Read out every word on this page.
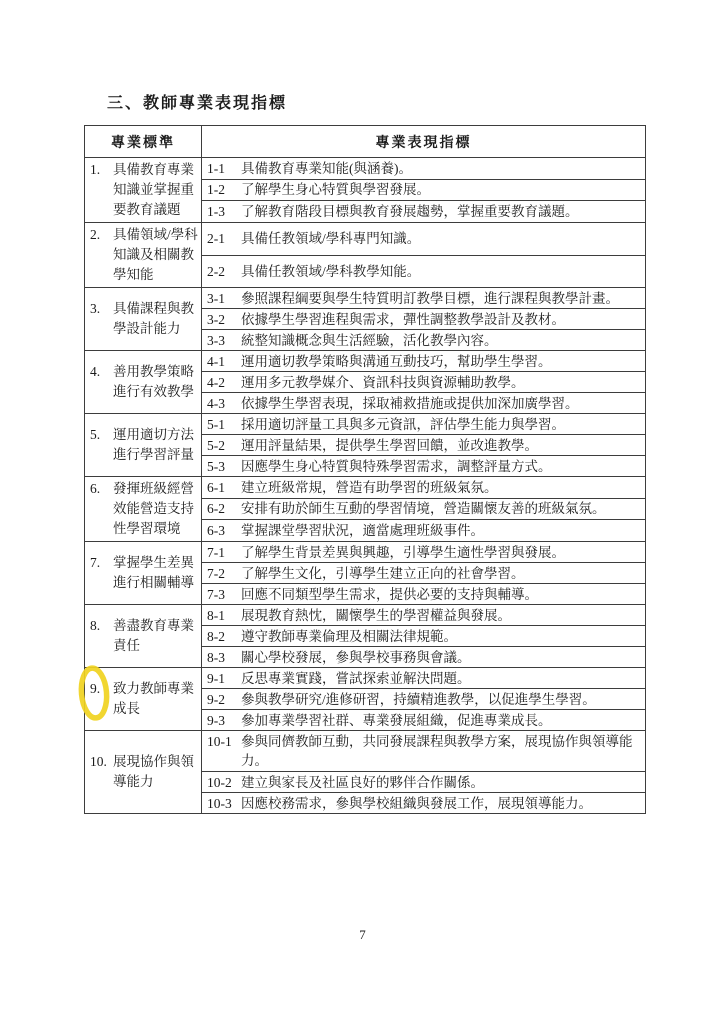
三、教師專業表現指標
專業標準	專業表現指標

1. 具備教育專業知識並掌握重要教育議題	1-1 具備教育專業知能(與涵養)。

	1-2 了解學生身心特質與學習發展。

	1-3 了解教育階段目標與教育發展趨勢，掌握重要教育議題。

2. 具備領域/學科知識及相關教學知能	2-1 具備任教領域/學科專門知識。

	2-2 具備任教領域/學科教學知能。

3. 具備課程與教學設計能力	3-1 參照課程綱要與學生特質明訂教學目標，進行課程與教學計畫。

	3-2 依據學生學習進程與需求，彈性調整教學設計及教材。

	3-3 統整知識概念與生活經驗，活化教學內容。

4. 善用教學策略進行有效教學	4-1 運用適切教學策略與溝通互動技巧，幫助學生學習。

	4-2 運用多元教學媒介、資訊科技與資源輔助教學。

	4-3 依據學生學習表現，採取補救措施或提供加深加廣學習。

5. 運用適切方法進行學習評量	5-1 採用適切評量工具與多元資訊，評估學生能力與學習。

	5-2 運用評量結果，提供學生學習回饋，並改進教學。

	5-3 因應學生身心特質與特殊學習需求，調整評量方式。

6. 發揮班級經營效能營造支持性學習環境	6-1 建立班級常規，營造有助學習的班級氣氛。

	6-2 安排有助於師生互動的學習情境，營造關懷友善的班級氣氛。

	6-3 掌握課堂學習狀況，適當處理班級事件。

7. 掌握學生差異進行相關輔導	7-1 了解學生背景差異與興趣，引導學生適性學習與發展。

	7-2 了解學生文化，引導學生建立正向的社會學習。

	7-3 回應不同類型學生需求，提供必要的支持與輔導。

8. 善盡教育專業責任	8-1 展現教育熱忱，關懷學生的學習權益與發展。

	8-2 遵守教師專業倫理及相關法律規範。

	8-3 關心學校發展，參與學校事務與會議。

9. 致力教師專業成長	9-1 反思專業實踐，嘗試探索並解決問題。

	9-2 參與教學研究/進修研習，持續精進教學，以促進學生學習。

	9-3 參加專業學習社群、專業發展組織，促進專業成長。

10. 展現協作與領導能力	10-1 參與同儕教師互動，共同發展課程與教學方案，展現協作與領導能力。

	10-2 建立與家長及社區良好的夥伴合作關係。

	10-3 因應校務需求，參與學校組織與發展工作，展現領導能力。
7
